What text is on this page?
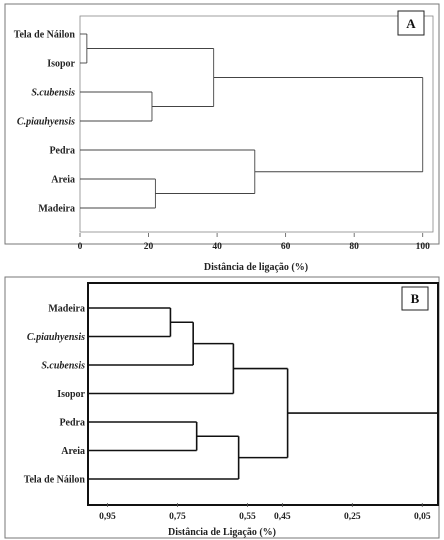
A
Tela de Náilon
Isopor
S.cubensis
C.piauhyensis
Pedra
Areia
Madeira
0	20	40	60	80	100
Distância de ligação (%)
B
Madeira
C.piauhyensis
S.cubensis
Isopor
Pedra
Areia
Tela de Náilon
0,95	0,75	0,55 0,45	0,25	0,05
Distância de Ligação (%)
